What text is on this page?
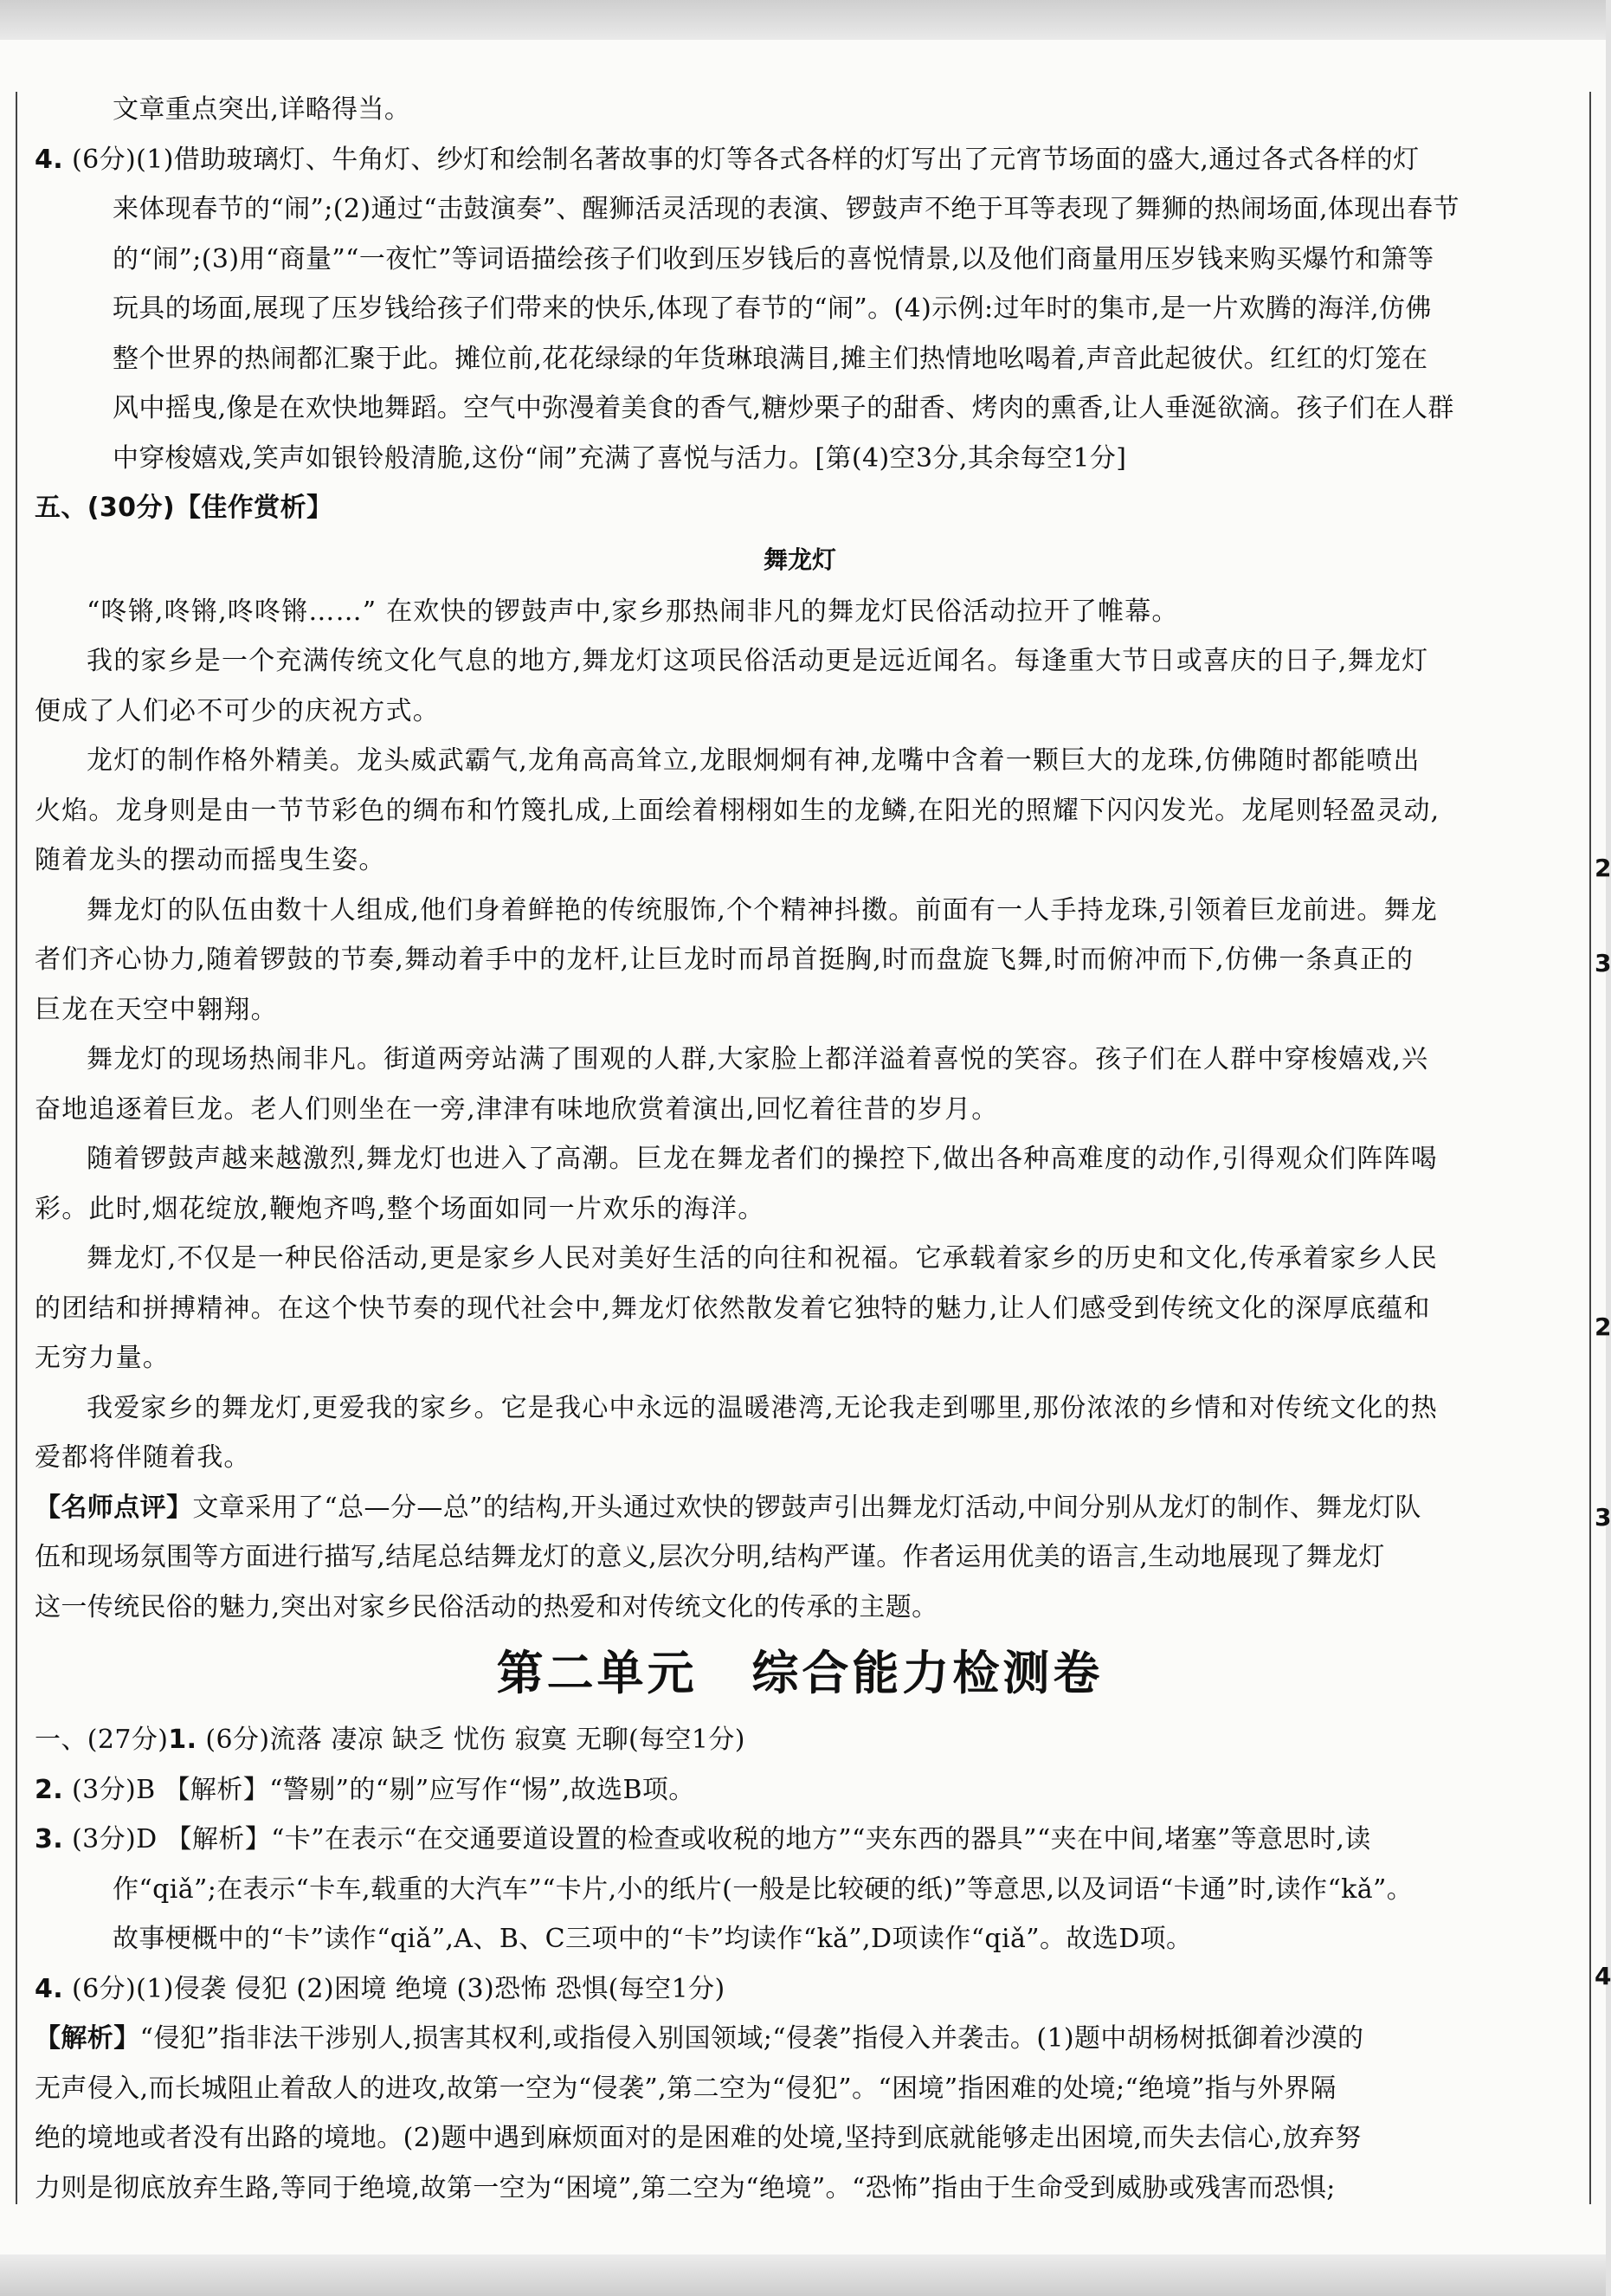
文章重点突出,详略得当。

4. (6分)(1)借助玻璃灯、牛角灯、纱灯和绘制名著故事的灯等各式各样的灯写出了元宵节场面的盛大,通过各式各样的灯

来体现春节的“闹”;(2)通过“击鼓演奏”、醒狮活灵活现的表演、锣鼓声不绝于耳等表现了舞狮的热闹场面,体现出春节

的“闹”;(3)用“商量”“一夜忙”等词语描绘孩子们收到压岁钱后的喜悦情景,以及他们商量用压岁钱来购买爆竹和箫等

玩具的场面,展现了压岁钱给孩子们带来的快乐,体现了春节的“闹”。(4)示例:过年时的集市,是一片欢腾的海洋,仿佛

整个世界的热闹都汇聚于此。摊位前,花花绿绿的年货琳琅满目,摊主们热情地吆喝着,声音此起彼伏。红红的灯笼在

风中摇曳,像是在欢快地舞蹈。空气中弥漫着美食的香气,糖炒栗子的甜香、烤肉的熏香,让人垂涎欲滴。孩子们在人群

中穿梭嬉戏,笑声如银铃般清脆,这份“闹”充满了喜悦与活力。[第(4)空3分,其余每空1分]

五、(30分)【佳作赏析】

舞龙灯

“咚锵,咚锵,咚咚锵……” 在欢快的锣鼓声中,家乡那热闹非凡的舞龙灯民俗活动拉开了帷幕。

我的家乡是一个充满传统文化气息的地方,舞龙灯这项民俗活动更是远近闻名。每逢重大节日或喜庆的日子,舞龙灯

便成了人们必不可少的庆祝方式。

龙灯的制作格外精美。龙头威武霸气,龙角高高耸立,龙眼炯炯有神,龙嘴中含着一颗巨大的龙珠,仿佛随时都能喷出

火焰。龙身则是由一节节彩色的绸布和竹篾扎成,上面绘着栩栩如生的龙鳞,在阳光的照耀下闪闪发光。龙尾则轻盈灵动,

随着龙头的摆动而摇曳生姿。

舞龙灯的队伍由数十人组成,他们身着鲜艳的传统服饰,个个精神抖擞。前面有一人手持龙珠,引领着巨龙前进。舞龙

者们齐心协力,随着锣鼓的节奏,舞动着手中的龙杆,让巨龙时而昂首挺胸,时而盘旋飞舞,时而俯冲而下,仿佛一条真正的

巨龙在天空中翱翔。

舞龙灯的现场热闹非凡。街道两旁站满了围观的人群,大家脸上都洋溢着喜悦的笑容。孩子们在人群中穿梭嬉戏,兴

奋地追逐着巨龙。老人们则坐在一旁,津津有味地欣赏着演出,回忆着往昔的岁月。

随着锣鼓声越来越激烈,舞龙灯也进入了高潮。巨龙在舞龙者们的操控下,做出各种高难度的动作,引得观众们阵阵喝

彩。此时,烟花绽放,鞭炮齐鸣,整个场面如同一片欢乐的海洋。

舞龙灯,不仅是一种民俗活动,更是家乡人民对美好生活的向往和祝福。它承载着家乡的历史和文化,传承着家乡人民

的团结和拼搏精神。在这个快节奏的现代社会中,舞龙灯依然散发着它独特的魅力,让人们感受到传统文化的深厚底蕴和

无穷力量。

我爱家乡的舞龙灯,更爱我的家乡。它是我心中永远的温暖港湾,无论我走到哪里,那份浓浓的乡情和对传统文化的热

爱都将伴随着我。

【名师点评】文章采用了“总—分—总”的结构,开头通过欢快的锣鼓声引出舞龙灯活动,中间分别从龙灯的制作、舞龙灯队

伍和现场氛围等方面进行描写,结尾总结舞龙灯的意义,层次分明,结构严谨。作者运用优美的语言,生动地展现了舞龙灯

这一传统民俗的魅力,突出对家乡民俗活动的热爱和对传统文化的传承的主题。

第二单元 综合能力检测卷

一、(27分)1. (6分)流落 凄凉 缺乏 忧伤 寂寞 无聊(每空1分)

2. (3分)B 【解析】“警剔”的“剔”应写作“惕”,故选B项。

3. (3分)D 【解析】“卡”在表示“在交通要道设置的检查或收税的地方”“夹东西的器具”“夹在中间,堵塞”等意思时,读

作“qiǎ”;在表示“卡车,载重的大汽车”“卡片,小的纸片(一般是比较硬的纸)”等意思,以及词语“卡通”时,读作“kǎ”。

故事梗概中的“卡”读作“qiǎ”,A、B、C三项中的“卡”均读作“kǎ”,D项读作“qiǎ”。故选D项。

4. (6分)(1)侵袭 侵犯 (2)困境 绝境 (3)恐怖 恐惧(每空1分)

【解析】“侵犯”指非法干涉别人,损害其权利,或指侵入别国领域;“侵袭”指侵入并袭击。(1)题中胡杨树抵御着沙漠的

无声侵入,而长城阻止着敌人的进攻,故第一空为“侵袭”,第二空为“侵犯”。“困境”指困难的处境;“绝境”指与外界隔

绝的境地或者没有出路的境地。(2)题中遇到麻烦面对的是困难的处境,坚持到底就能够走出困境,而失去信心,放弃努

力则是彻底放弃生路,等同于绝境,故第一空为“困境”,第二空为“绝境”。“恐怖”指由于生命受到威胁或残害而恐惧;

2
3
2
3
4
